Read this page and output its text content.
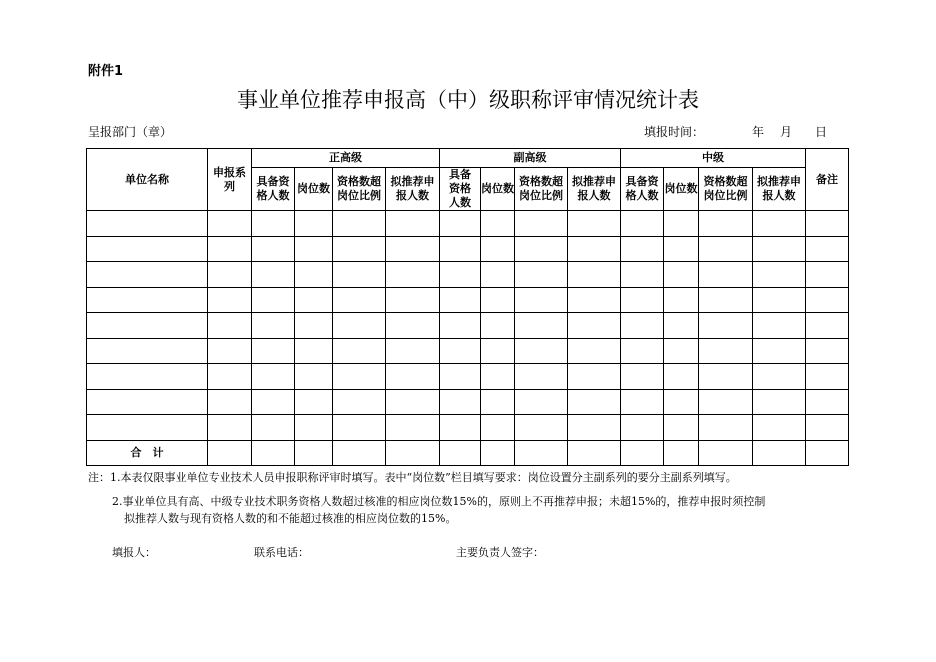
附件1
事业单位推荐申报高（中）级职称评审情况统计表
呈报部门（章）	填报时间：	年 月 日
单位名称	申报系列	正高级				副高级				中级				备注
		具备资格人数	岗位数	资格数超岗位比例	拟推荐申报人数	具备资格人数	岗位数	资格数超岗位比例	拟推荐申报人数	具备资格人数	岗位数	资格数超岗位比例	拟推荐申报人数	

合　计														
注：1.本表仅限事业单位专业技术人员申报职称评审时填写。表中“岗位数”栏目填写要求：岗位设置分主副系列的要分主副系列填写。
2.事业单位具有高、中级专业技术职务资格人数超过核准的相应岗位数15%的，原则上不再推荐申报；未超15%的，推荐申报时须控制
拟推荐人数与现有资格人数的和不能超过核准的相应岗位数的15%。
填报人：	联系电话：	主要负责人签字：
